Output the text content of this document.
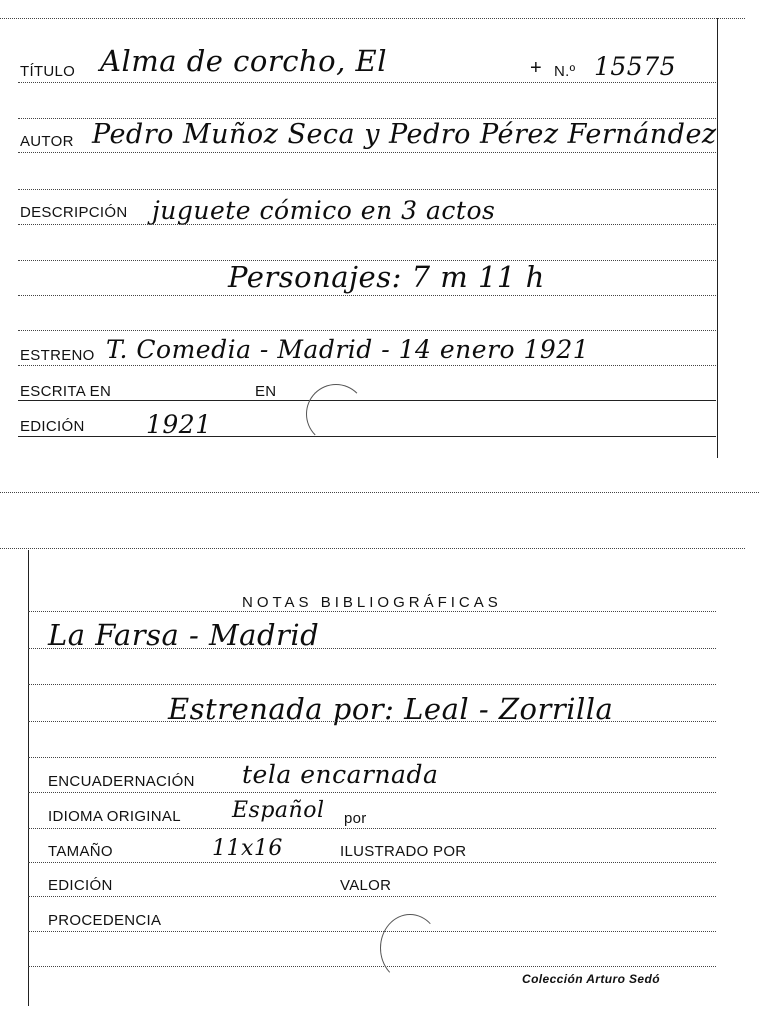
TÍTULO Alma de corcho, El	+ N.º 15575
AUTOR Pedro Muñoz Seca y Pedro Pérez Fernández
DESCRIPCIÓN juguete cómico en 3 actos
Personajes: 7 m 11 h
ESTRENO T. Comedia - Madrid - 14 enero 1921
ESCRITA EN	EN
EDICIÓN 1921
NOTAS BIBLIOGRÁFICAS
La Farsa - Madrid
Estrenada por: Leal - Zorrilla
ENCUADERNACIÓN tela encarnada
IDIOMA ORIGINAL Español por
TAMAÑO	11x16	ILUSTRADO POR
EDICIÓN	VALOR
PROCEDENCIA
Colección Arturo Sedó
